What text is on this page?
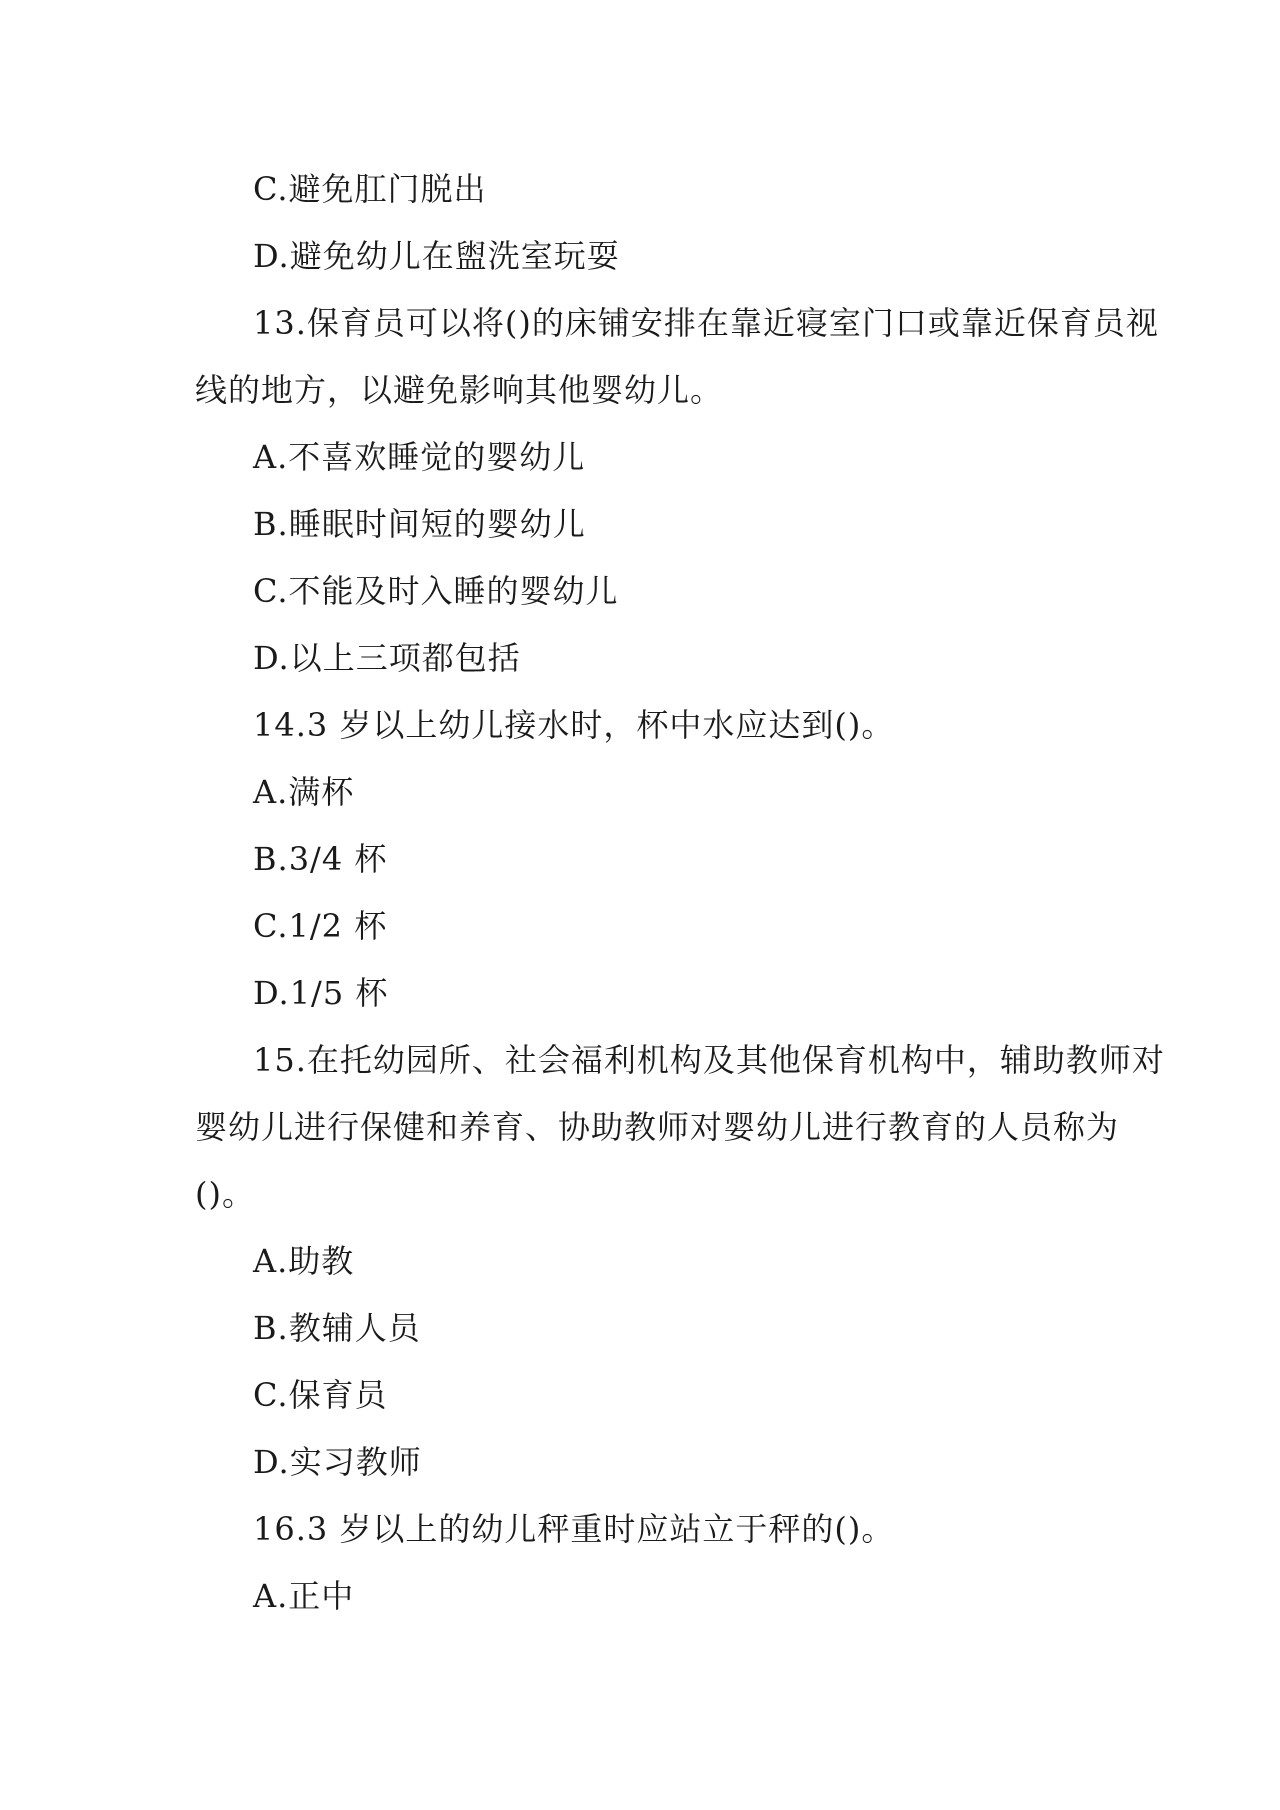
C.避免肛门脱出
D.避免幼儿在盥洗室玩耍
13.保育员可以将()的床铺安排在靠近寝室门口或靠近保育员视
线的地方，以避免影响其他婴幼儿。
A.不喜欢睡觉的婴幼儿
B.睡眠时间短的婴幼儿
C.不能及时入睡的婴幼儿
D.以上三项都包括
14.3 岁以上幼儿接水时，杯中水应达到()。
A.满杯
B.3/4 杯
C.1/2 杯
D.1/5 杯
15.在托幼园所、社会福利机构及其他保育机构中，辅助教师对
婴幼儿进行保健和养育、协助教师对婴幼儿进行教育的人员称为
()。
A.助教
B.教辅人员
C.保育员
D.实习教师
16.3 岁以上的幼儿秤重时应站立于秤的()。
A.正中
